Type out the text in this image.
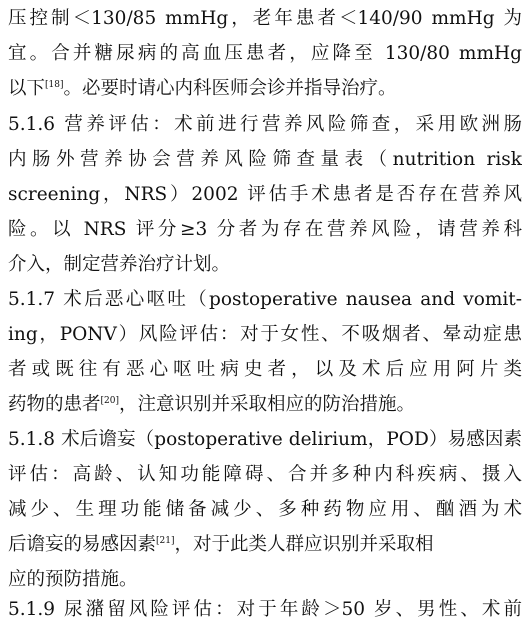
压控制＜130/85 mmHg，老年患者＜140/90 mmHg 为
宜。合并糖尿病的高血压患者，应降至 130/80 mmHg
以下[18]。必要时请心内科医师会诊并指导治疗。
5.1.6 营养评估：术前进行营养风险筛查，采用欧洲肠
内肠外营养协会营养风险筛查量表（nutrition risk
screening，NRS）2002 评估手术患者是否存在营养风
险。以 NRS 评分≥3 分者为存在营养风险，请营养科
介入，制定营养治疗计划。
5.1.7 术后恶心呕吐（postoperative nausea and vomit-
ing，PONV）风险评估：对于女性、不吸烟者、晕动症患
者或既往有恶心呕吐病史者，以及术后应用阿片类
药物的患者[20]，注意识别并采取相应的防治措施。
5.1.8 术后谵妄（postoperative delirium，POD）易感因素
评估：高龄、认知功能障碍、合并多种内科疾病、摄入
减少、生理功能储备减少、多种药物应用、酗酒为术
后谵妄的易感因素[21]，对于此类人群应识别并采取相
应的预防措施。
5.1.9 尿潴留风险评估：对于年龄＞50 岁、男性、术前
